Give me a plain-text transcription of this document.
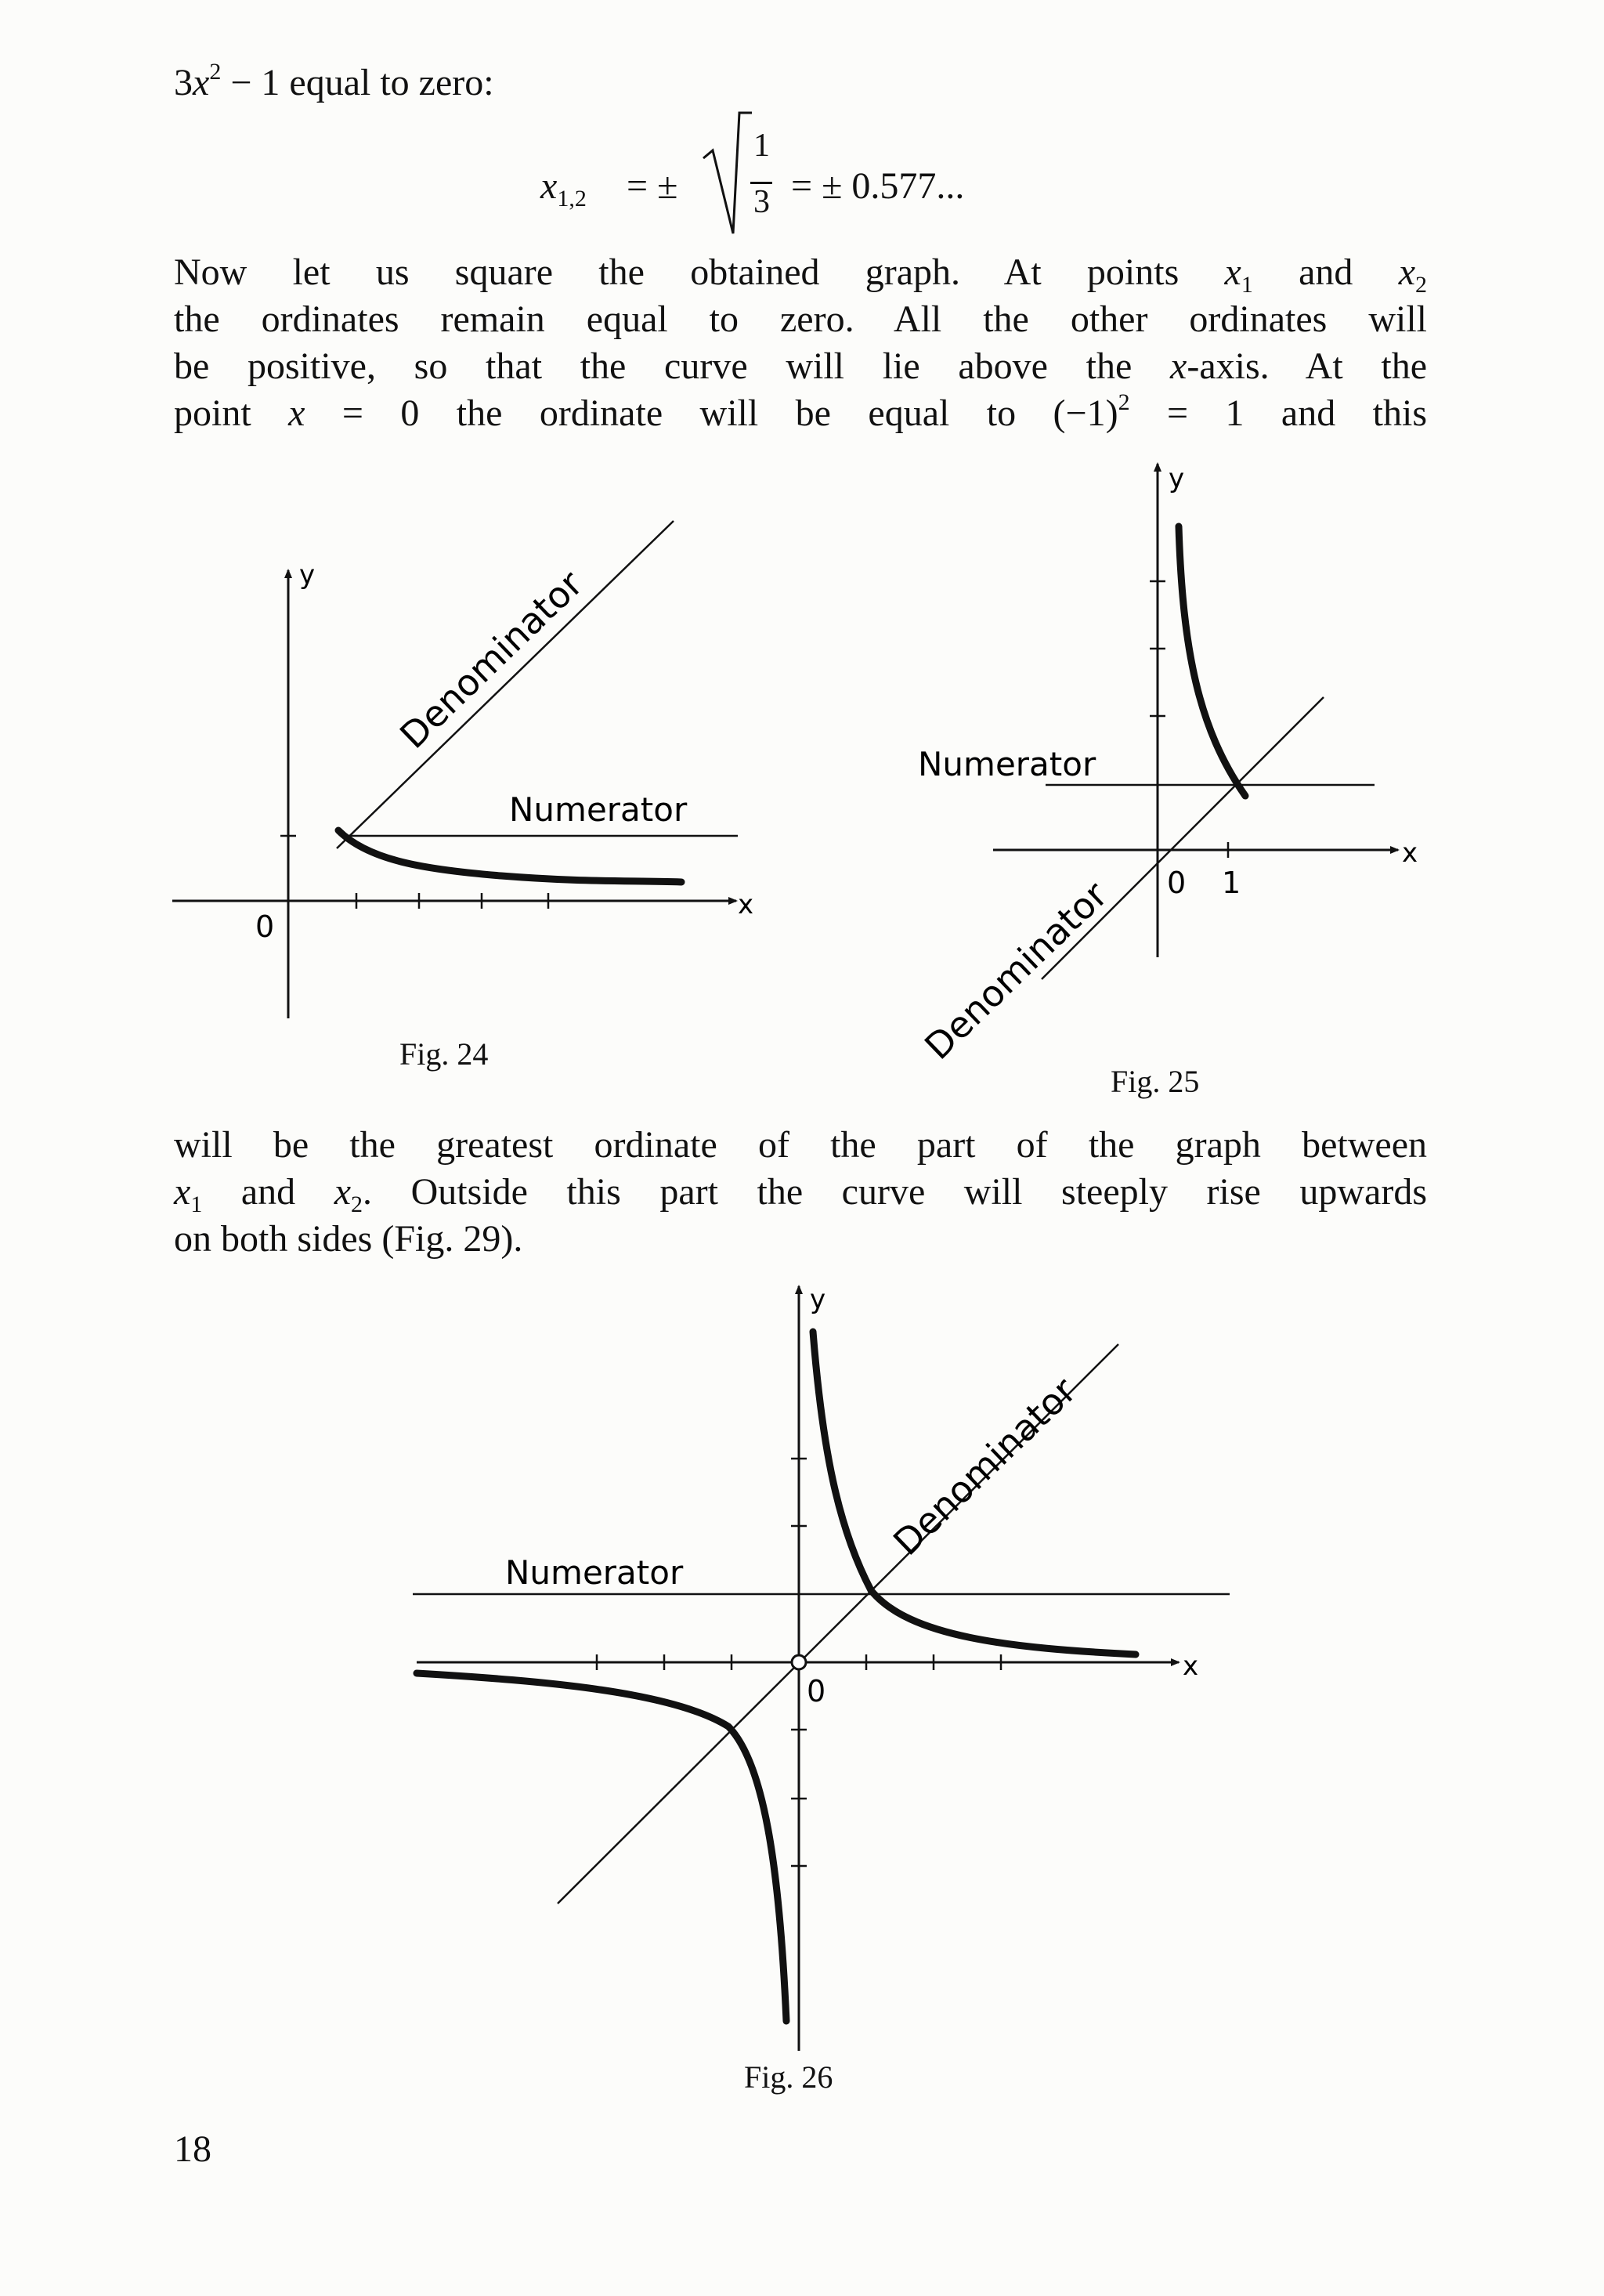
$3x^2 - 1$ equal to zero:
$x_{1,2}$ = ±
1
3 = ± 0.577...
Now let us square the obtained graph. At points $x_1$ and $x_2$
the ordinates remain equal to zero. All the other ordinates will
be positive, so that the curve will lie above the x-axis. At the
point x = 0 the ordinate will be equal to $(-1)^2 = 1$ and this
y
x
0
Numerator
Denominator
y
x
0 1
Numerator
Denominator
y
x
0
Numerator
Denominator
Fig. 24
Fig. 25
Fig. 26
will be the greatest ordinate of the part of the graph between
$x_1$ and $x_2$. Outside this part the curve will steeply rise upwards
on both sides (Fig. 29).
18
